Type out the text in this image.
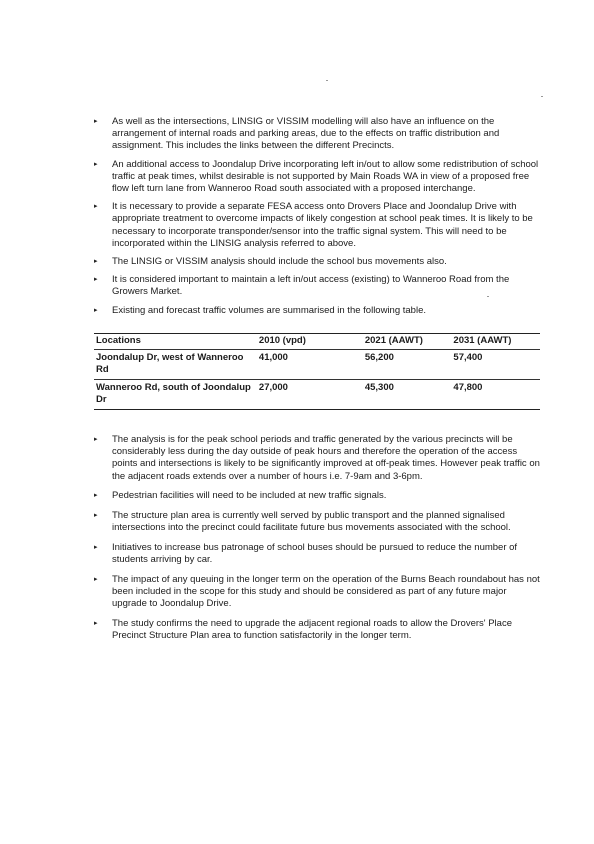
▸ As well as the intersections, LINSIG or VISSIM modelling will also have an influence on the arrangement of internal roads and parking areas, due to the effects on traffic distribution and assignment. This includes the links between the different Precincts.
▸ An additional access to Joondalup Drive incorporating left in/out to allow some redistribution of school traffic at peak times, whilst desirable is not supported by Main Roads WA in view of a proposed free flow left turn lane from Wanneroo Road south associated with a proposed interchange.
▸ It is necessary to provide a separate FESA access onto Drovers Place and Joondalup Drive with appropriate treatment to overcome impacts of likely congestion at school peak times. It is likely to be necessary to incorporate transponder/sensor into the traffic signal system. This will need to be incorporated within the LINSIG analysis referred to above.
▸ The LINSIG or VISSIM analysis should include the school bus movements also.
▸ It is considered important to maintain a left in/out access (existing) to Wanneroo Road from the Growers Market.
▸ Existing and forecast traffic volumes are summarised in the following table.
Locations	2010 (vpd)	2021 (AAWT)	2031 (AAWT)
Joondalup Dr, west of Wanneroo Rd	41,000	56,200	57,400
Wanneroo Rd, south of Joondalup Dr	27,000	45,300	47,800
▸ The analysis is for the peak school periods and traffic generated by the various precincts will be considerably less during the day outside of peak hours and therefore the operation of the access points and intersections is likely to be significantly improved at off-peak times. However peak traffic on the adjacent roads extends over a number of hours i.e. 7-9am and 3-6pm.
▸ Pedestrian facilities will need to be included at new traffic signals.
▸ The structure plan area is currently well served by public transport and the planned signalised intersections into the precinct could facilitate future bus movements associated with the school.
▸ Initiatives to increase bus patronage of school buses should be pursued to reduce the number of students arriving by car.
▸ The impact of any queuing in the longer term on the operation of the Burns Beach roundabout has not been included in the scope for this study and should be considered as part of any future major upgrade to Joondalup Drive.
▸ The study confirms the need to upgrade the adjacent regional roads to allow the Drovers' Place Precinct Structure Plan area to function satisfactorily in the longer term.
